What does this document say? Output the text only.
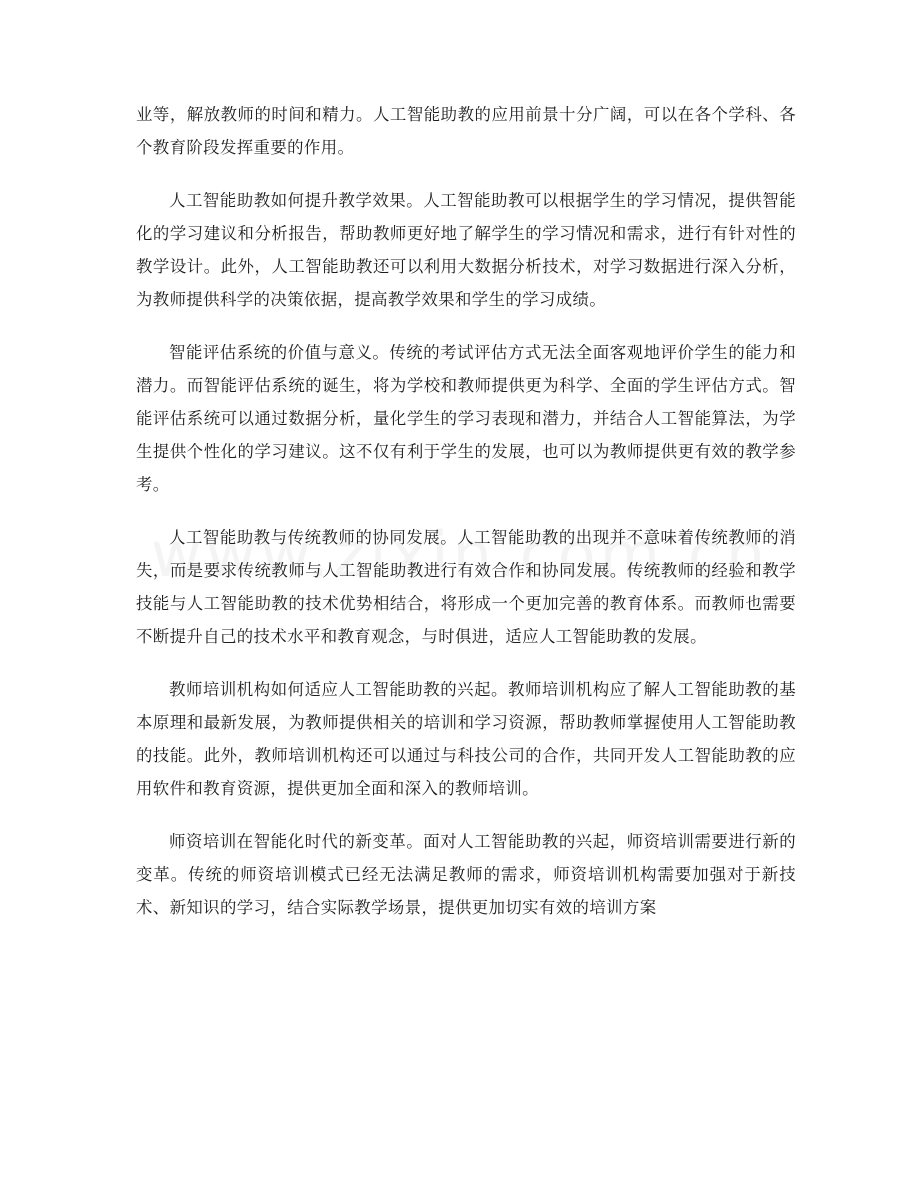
业等，解放教师的时间和精力。人工智能助教的应用前景十分广阔，可以在各个学科、各个教育阶段发挥重要的作用。

人工智能助教如何提升教学效果。人工智能助教可以根据学生的学习情况，提供智能化的学习建议和分析报告，帮助教师更好地了解学生的学习情况和需求，进行有针对性的教学设计。此外，人工智能助教还可以利用大数据分析技术，对学习数据进行深入分析，为教师提供科学的决策依据，提高教学效果和学生的学习成绩。

智能评估系统的价值与意义。传统的考试评估方式无法全面客观地评价学生的能力和潜力。而智能评估系统的诞生，将为学校和教师提供更为科学、全面的学生评估方式。智能评估系统可以通过数据分析，量化学生的学习表现和潜力，并结合人工智能算法，为学生提供个性化的学习建议。这不仅有利于学生的发展，也可以为教师提供更有效的教学参考。

人工智能助教与传统教师的协同发展。人工智能助教的出现并不意味着传统教师的消失，而是要求传统教师与人工智能助教进行有效合作和协同发展。传统教师的经验和教学技能与人工智能助教的技术优势相结合，将形成一个更加完善的教育体系。而教师也需要不断提升自己的技术水平和教育观念，与时俱进，适应人工智能助教的发展。

教师培训机构如何适应人工智能助教的兴起。教师培训机构应了解人工智能助教的基本原理和最新发展，为教师提供相关的培训和学习资源，帮助教师掌握使用人工智能助教的技能。此外，教师培训机构还可以通过与科技公司的合作，共同开发人工智能助教的应用软件和教育资源，提供更加全面和深入的教师培训。

师资培训在智能化时代的新变革。面对人工智能助教的兴起，师资培训需要进行新的变革。传统的师资培训模式已经无法满足教师的需求，师资培训机构需要加强对于新技术、新知识的学习，结合实际教学场景，提供更加切实有效的培训方案
